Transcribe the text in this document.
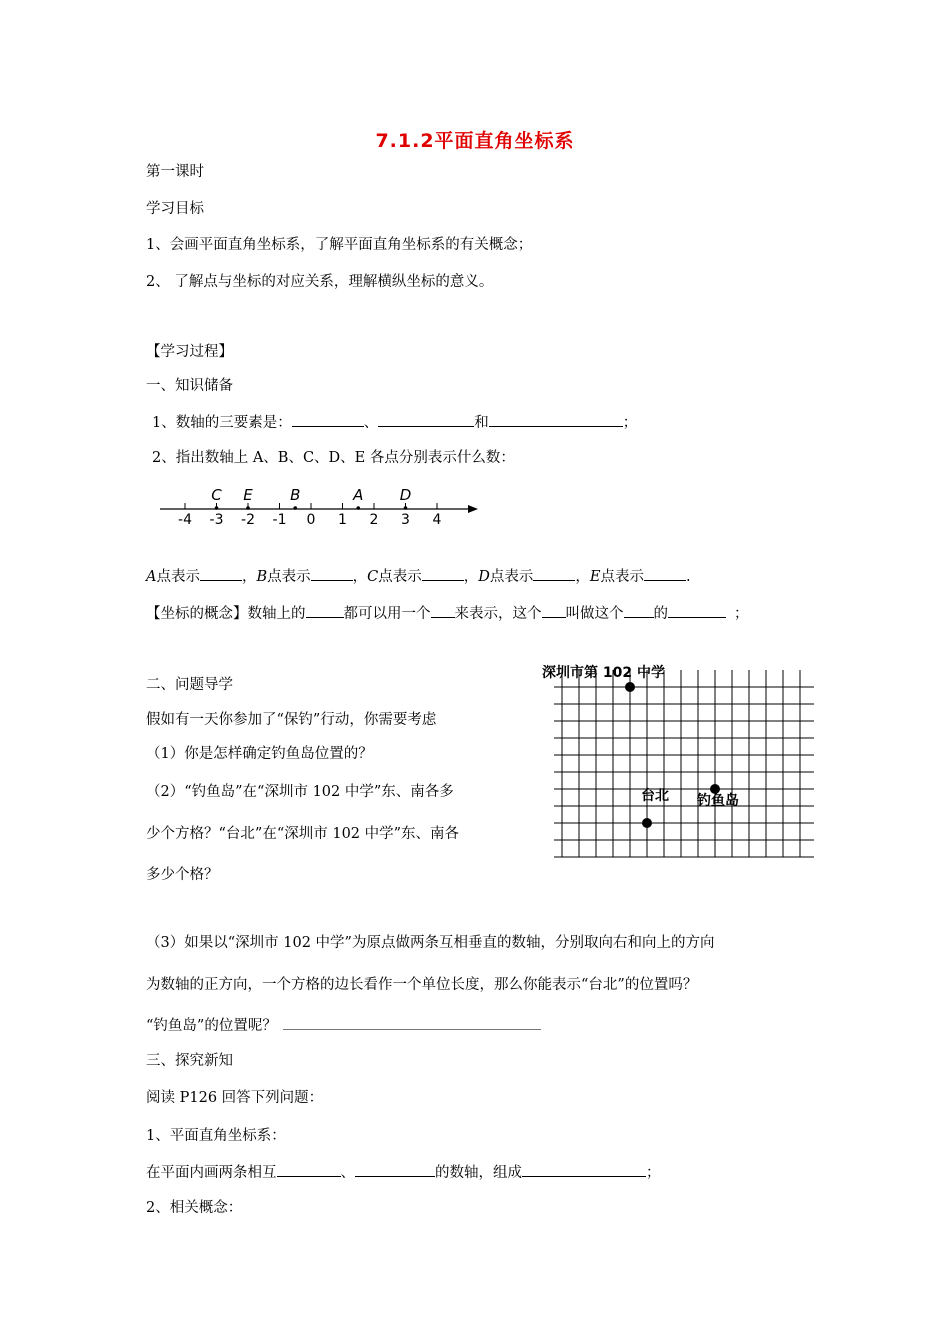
7.1.2平面直角坐标系
第一课时
学习目标
1、会画平面直角坐标系，了解平面直角坐标系的有关概念；
2、 了解点与坐标的对应关系，理解横纵坐标的意义。
【学习过程】
一、知识储备
1、数轴的三要素是：	、	和	；
2、指出数轴上 A、B、C、D、E 各点分别表示什么数：
-4 -3 -2 -1 0 1 2 3 4
C E B	A D
A点表示	，B点表示	，C点表示	，D点表示	，E点表示	.
【坐标的概念】数轴上的	都可以用一个 来表示，这个 叫做这个 的	；
二、问题导学
假如有一天你参加了“保钓”行动，你需要考虑
（1）你是怎样确定钓鱼岛位置的？
（2）“钓鱼岛”在“深圳市 102 中学”东、南各多
少个方格？“台北”在“深圳市 102 中学”东、南各
多少个格？
深圳市第 102 中学
台北 钓鱼岛
（3）如果以“深圳市 102 中学”为原点做两条互相垂直的数轴，分别取向右和向上的方向
为数轴的正方向，一个方格的边长看作一个单位长度，那么你能表示“台北”的位置吗？
“钓鱼岛”的位置呢？
三、探究新知
阅读 P126 回答下列问题：
1、平面直角坐标系：
在平面内画两条相互	、	的数轴，组成	；
2、相关概念：
